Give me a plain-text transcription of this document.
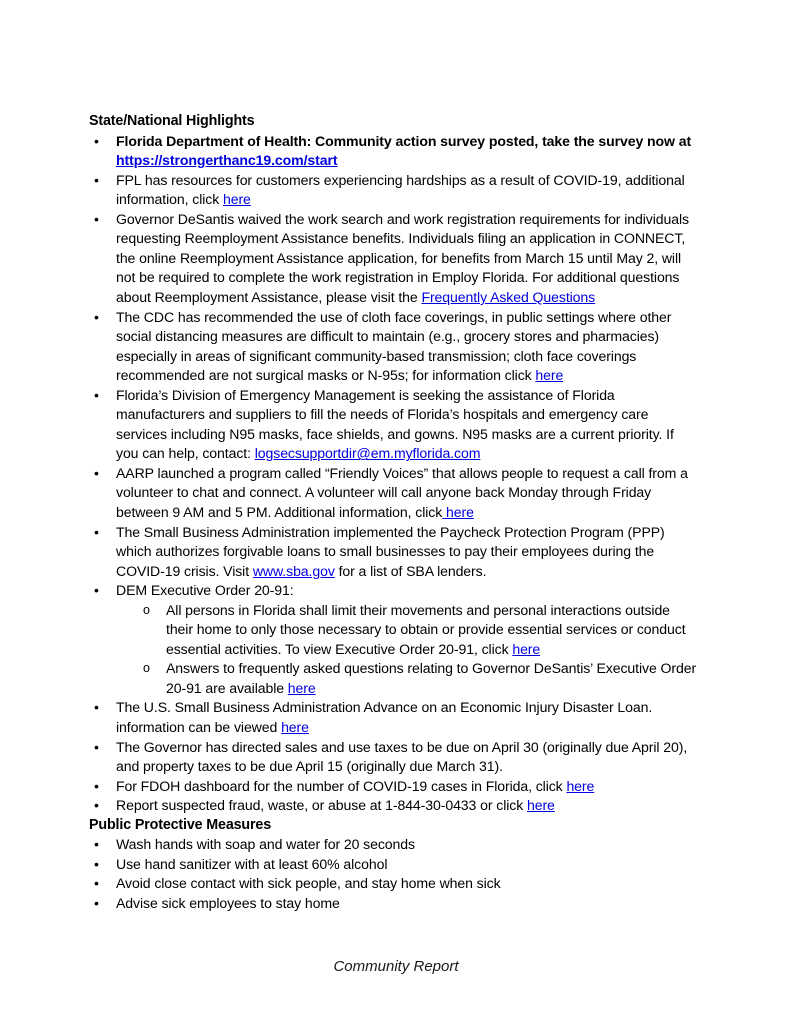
State/National Highlights
•	Florida Department of Health: Community action survey posted, take the survey now at https://strongerthanc19.com/start
•	FPL has resources for customers experiencing hardships as a result of COVID-19, additional information, click here
•	Governor DeSantis waived the work search and work registration requirements for individuals requesting Reemployment Assistance benefits. Individuals filing an application in CONNECT, the online Reemployment Assistance application, for benefits from March 15 until May 2, will not be required to complete the work registration in Employ Florida. For additional questions about Reemployment Assistance, please visit the Frequently Asked Questions
•	The CDC has recommended the use of cloth face coverings, in public settings where other social distancing measures are difficult to maintain (e.g., grocery stores and pharmacies) especially in areas of significant community-based transmission; cloth face coverings recommended are not surgical masks or N-95s; for information click here
•	Florida’s Division of Emergency Management is seeking the assistance of Florida manufacturers and suppliers to fill the needs of Florida’s hospitals and emergency care services including N95 masks, face shields, and gowns. N95 masks are a current priority. If you can help, contact: logsecsupportdir@em.myflorida.com
•	AARP launched a program called “Friendly Voices” that allows people to request a call from a volunteer to chat and connect. A volunteer will call anyone back Monday through Friday between 9 AM and 5 PM. Additional information, click here
•	The Small Business Administration implemented the Paycheck Protection Program (PPP) which authorizes forgivable loans to small businesses to pay their employees during the COVID-19 crisis. Visit www.sba.gov for a list of SBA lenders.
•	DEM Executive Order 20-91:
o	All persons in Florida shall limit their movements and personal interactions outside their home to only those necessary to obtain or provide essential services or conduct essential activities. To view Executive Order 20-91, click here
o	Answers to frequently asked questions relating to Governor DeSantis’ Executive Order 20-91 are available here
•	The U.S. Small Business Administration Advance on an Economic Injury Disaster Loan. information can be viewed here
•	The Governor has directed sales and use taxes to be due on April 30 (originally due April 20), and property taxes to be due April 15 (originally due March 31).
•	For FDOH dashboard for the number of COVID-19 cases in Florida, click here
•	Report suspected fraud, waste, or abuse at 1-844-30-0433 or click here
Public Protective Measures
•	Wash hands with soap and water for 20 seconds
•	Use hand sanitizer with at least 60% alcohol
•	Avoid close contact with sick people, and stay home when sick
•	Advise sick employees to stay home
Community Report
